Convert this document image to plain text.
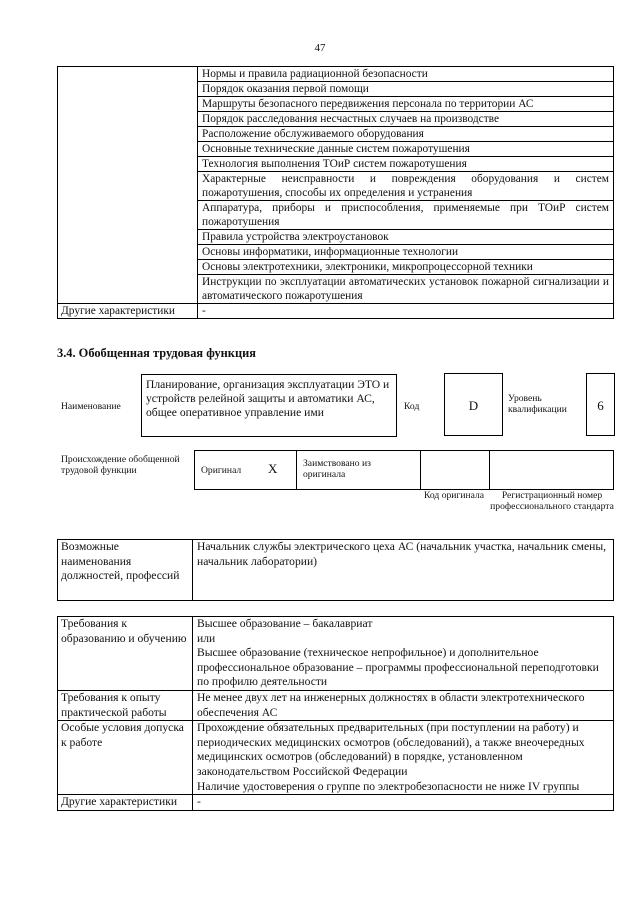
47
	Нормы и правила радиационной безопасности
	Порядок оказания первой помощи
	Маршруты безопасного передвижения персонала по территории АС
	Порядок расследования несчастных случаев на производстве
	Расположение обслуживаемого оборудования
	Основные технические данные систем пожаротушения
	Технология выполнения ТОиР систем пожаротушения
	Характерные неисправности и повреждения оборудования и систем пожаротушения, способы их определения и устранения
	Аппаратура, приборы и приспособления, применяемые при ТОиР систем пожаротушения
	Правила устройства электроустановок
	Основы информатики, информационные технологии
	Основы электротехники, электроники, микропроцессорной техники
	Инструкции по эксплуатации автоматических установок пожарной сигнализации и автоматического пожаротушения
Другие характеристики	-
3.4. Обобщенная трудовая функция
Наименование
Планирование, организация эксплуатации ЭТО и устройств релейной защиты и автоматики АС, общее оперативное управление ими	Код	D	Уровень квалификации	6
Происхождение обобщенной трудовой функции	Оригинал X	Заимствовано из оригинала
Код оригинала	Регистрационный номер профессионального стандарта
Возможные наименования должностей, профессий	Начальник службы электрического цеха АС (начальник участка, начальник смены, начальник лаборатории)
Требования к образованию и обучению	Высшее образование – бакалавриат
или
Высшее образование (техническое непрофильное) и дополнительное профессиональное образование – программы профессиональной переподготовки по профилю деятельности

Требования к опыту практической работы	Не менее двух лет на инженерных должностях в области электротехнического обеспечения АС
Особые условия допуска к работе	Прохождение обязательных предварительных (при поступлении на работу) и периодических медицинских осмотров (обследований), а также внеочередных медицинских осмотров (обследований) в порядке, установленном законодательством Российской Федерации
Наличие удостоверения о группе по электробезопасности не ниже IV группы

Другие характеристики	-
